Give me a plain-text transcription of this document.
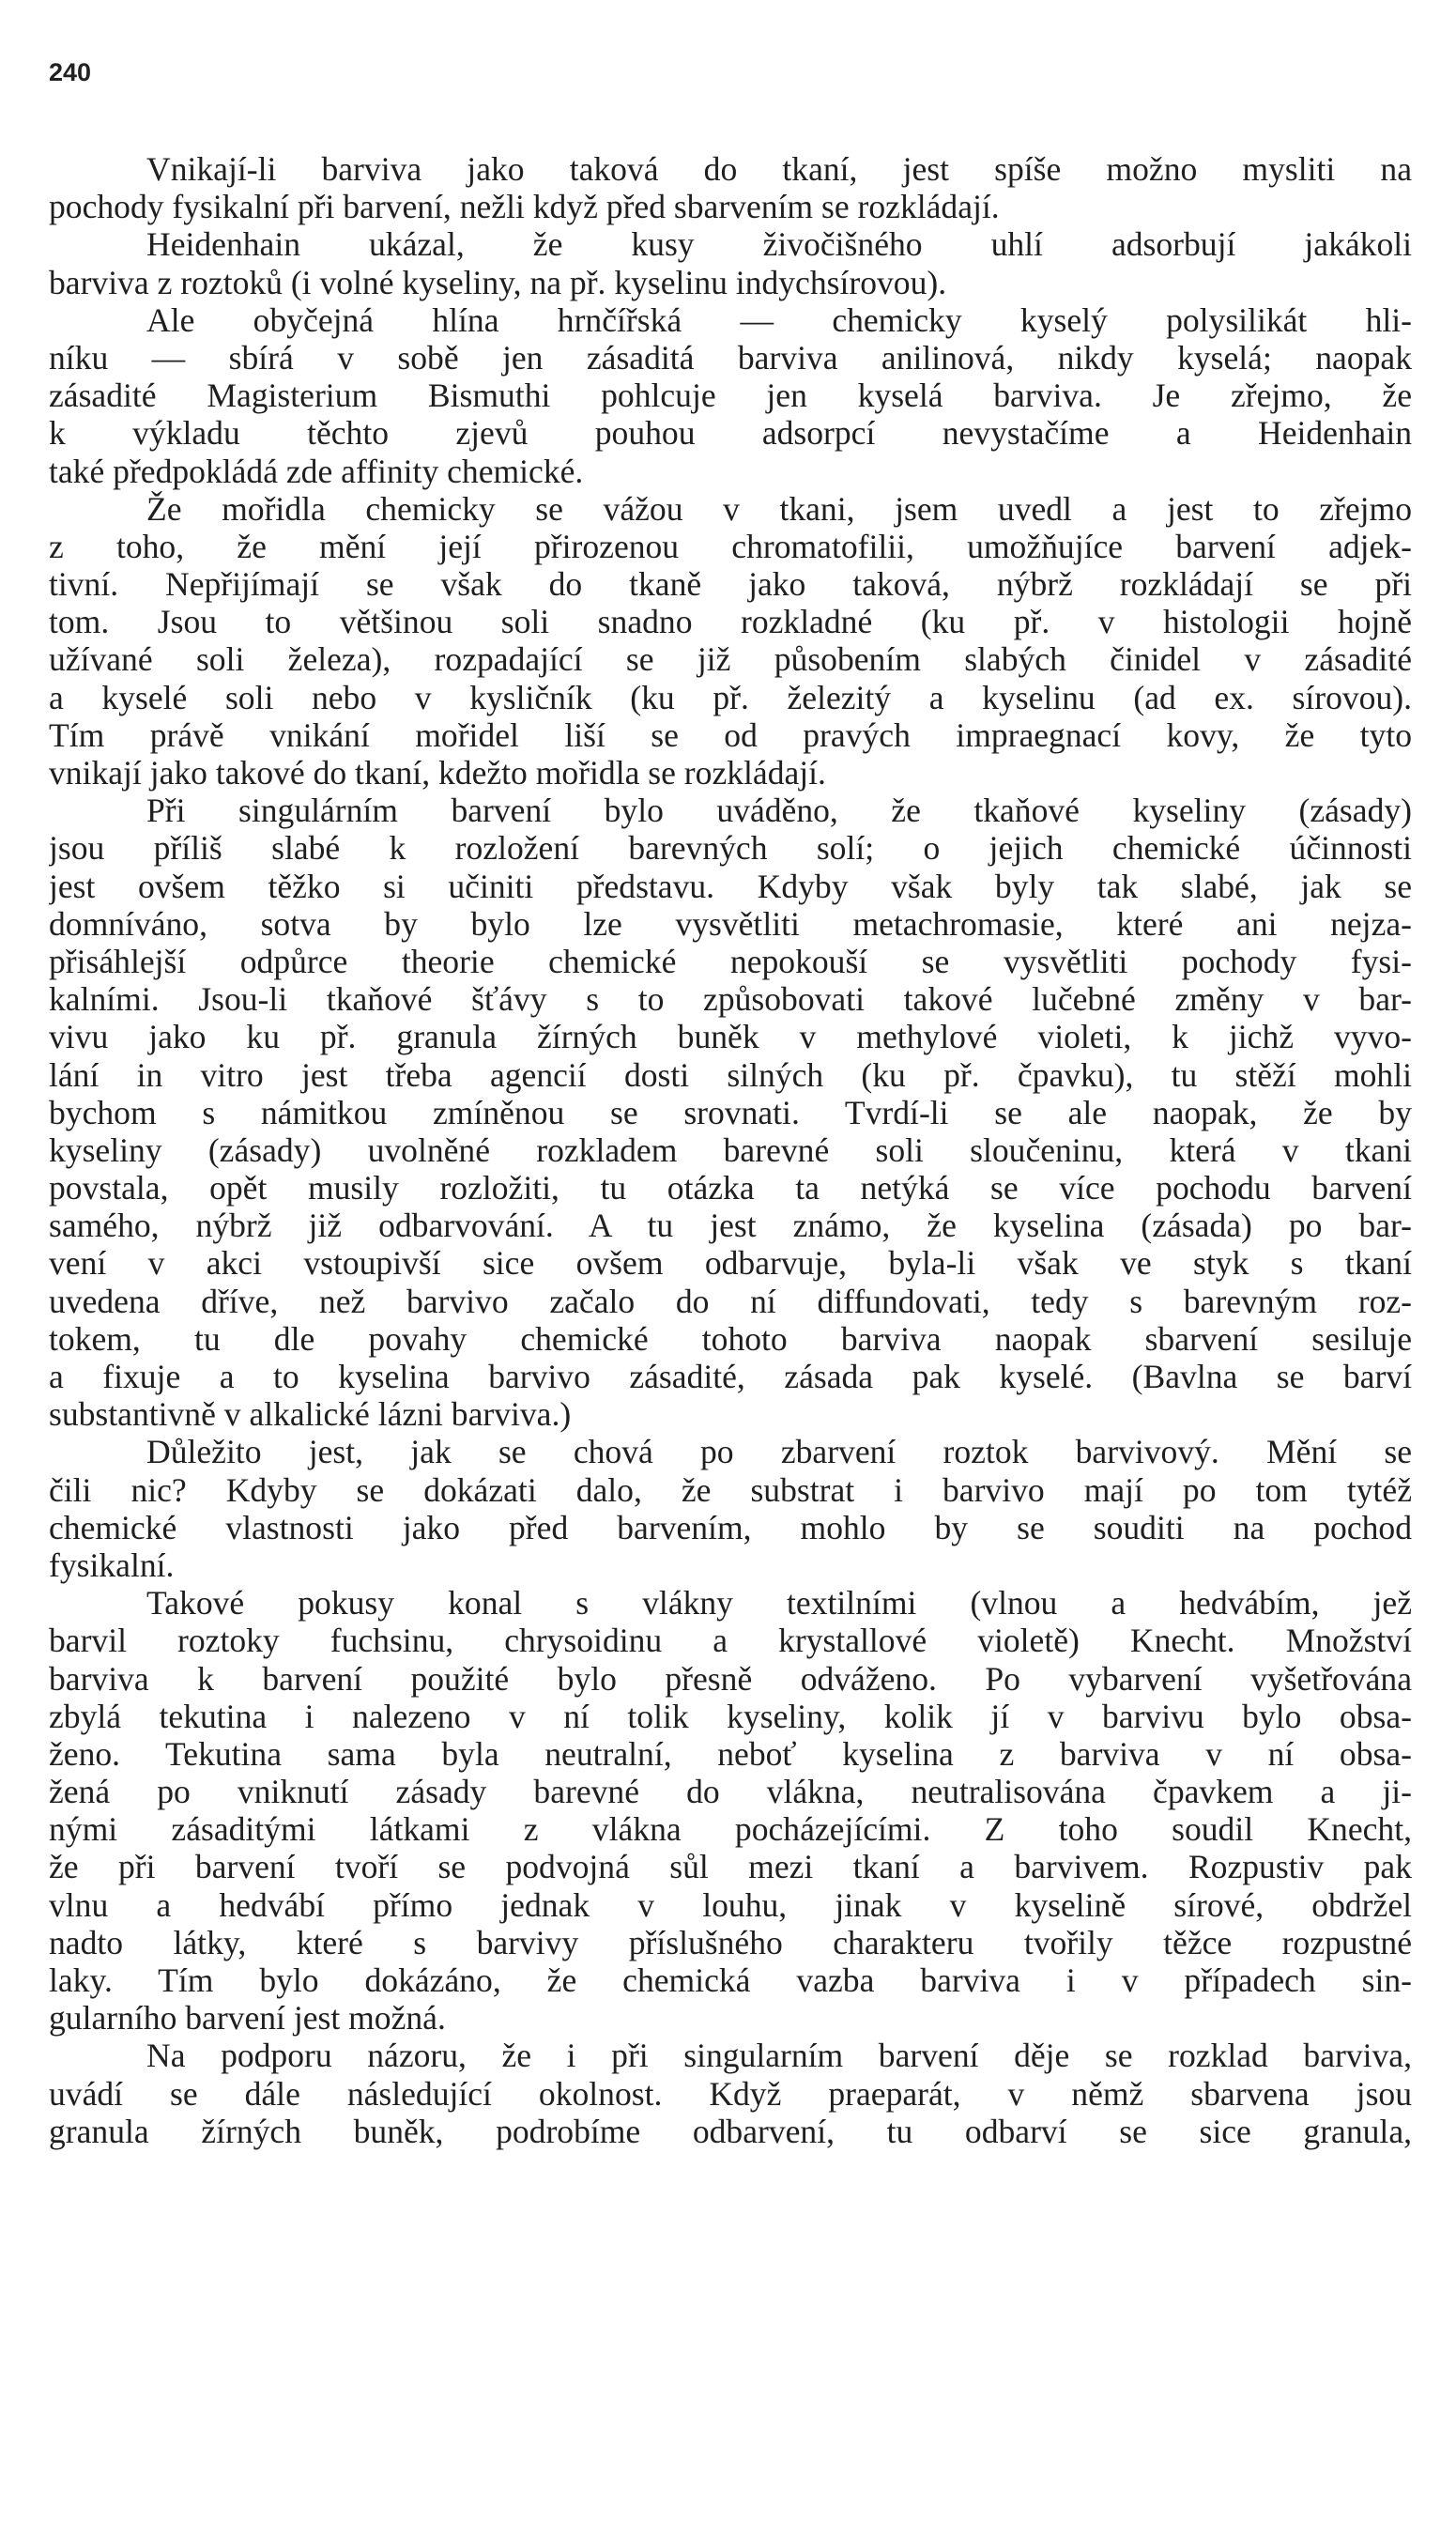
240
Vnikají-li barviva jako taková do tkaní, jest spíše možno mysliti na
pochody fysikalní při barvení, nežli když před sbarvením se rozkládají.
Heidenhain ukázal, že kusy živočišného uhlí adsorbují jakákoli
barviva z roztoků (i volné kyseliny, na př. kyselinu indychsírovou).
Ale obyčejná hlína hrnčířská — chemicky kyselý polysilikát hli-
níku — sbírá v sobě jen zásaditá barviva anilinová, nikdy kyselá; naopak
zásadité Magisterium Bismuthi pohlcuje jen kyselá barviva. Je zřejmo, že
k výkladu těchto zjevů pouhou adsorpcí nevystačíme a Heidenhain
také předpokládá zde affinity chemické.
Že mořidla chemicky se vážou v tkani, jsem uvedl a jest to zřejmo
z toho, že mění její přirozenou chromatofilii, umožňujíce barvení adjek-
tivní. Nepřijímají se však do tkaně jako taková, nýbrž rozkládají se při
tom. Jsou to většinou soli snadno rozkladné (ku př. v histologii hojně
užívané soli železa), rozpadající se již působením slabých činidel v zásadité
a kyselé soli nebo v kysličník (ku př. železitý a kyselinu (ad ex. sírovou).
Tím právě vnikání mořidel liší se od pravých impraegnací kovy, že tyto
vnikají jako takové do tkaní, kdežto mořidla se rozkládají.
Při singulárním barvení bylo uváděno, že tkaňové kyseliny (zásady)
jsou příliš slabé k rozložení barevných solí; o jejich chemické účinnosti
jest ovšem těžko si učiniti představu. Kdyby však byly tak slabé, jak se
domníváno, sotva by bylo lze vysvětliti metachromasie, které ani nejza-
přisáhlejší odpůrce theorie chemické nepokouší se vysvětliti pochody fysi-
kalními. Jsou-li tkaňové šťávy s to způsobovati takové lučebné změny v bar-
vivu jako ku př. granula žírných buněk v methylové violeti, k jichž vyvo-
lání in vitro jest třeba agencií dosti silných (ku př. čpavku), tu stěží mohli
bychom s námitkou zmíněnou se srovnati. Tvrdí-li se ale naopak, že by
kyseliny (zásady) uvolněné rozkladem barevné soli sloučeninu, která v tkani
povstala, opět musily rozložiti, tu otázka ta netýká se více pochodu barvení
samého, nýbrž již odbarvování. A tu jest známo, že kyselina (zásada) po bar-
vení v akci vstoupivší sice ovšem odbarvuje, byla-li však ve styk s tkaní
uvedena dříve, než barvivo začalo do ní diffundovati, tedy s barevným roz-
tokem, tu dle povahy chemické tohoto barviva naopak sbarvení sesiluje
a fixuje a to kyselina barvivo zásadité, zásada pak kyselé. (Bavlna se barví
substantivně v alkalické lázni barviva.)
Důležito jest, jak se chová po zbarvení roztok barvivový. Mění se
čili nic? Kdyby se dokázati dalo, že substrat i barvivo mají po tom tytéž
chemické vlastnosti jako před barvením, mohlo by se souditi na pochod
fysikalní.
Takové pokusy konal s vlákny textilními (vlnou a hedvábím, jež
barvil roztoky fuchsinu, chrysoidinu a krystallové violetě) Knecht. Množství
barviva k barvení použité bylo přesně odváženo. Po vybarvení vyšetřována
zbylá tekutina i nalezeno v ní tolik kyseliny, kolik jí v barvivu bylo obsa-
ženo. Tekutina sama byla neutralní, neboť kyselina z barviva v ní obsa-
žená po vniknutí zásady barevné do vlákna, neutralisována čpavkem a ji-
nými zásaditými látkami z vlákna pocházejícími. Z toho soudil Knecht,
že při barvení tvoří se podvojná sůl mezi tkaní a barvivem. Rozpustiv pak
vlnu a hedvábí přímo jednak v louhu, jinak v kyselině sírové, obdržel
nadto látky, které s barvivy příslušného charakteru tvořily těžce rozpustné
laky. Tím bylo dokázáno, že chemická vazba barviva i v případech sin-
gularního barvení jest možná.
Na podporu názoru, že i při singularním barvení děje se rozklad barviva,
uvádí se dále následující okolnost. Když praeparát, v němž sbarvena jsou
granula žírných buněk, podrobíme odbarvení, tu odbarví se sice granula,
